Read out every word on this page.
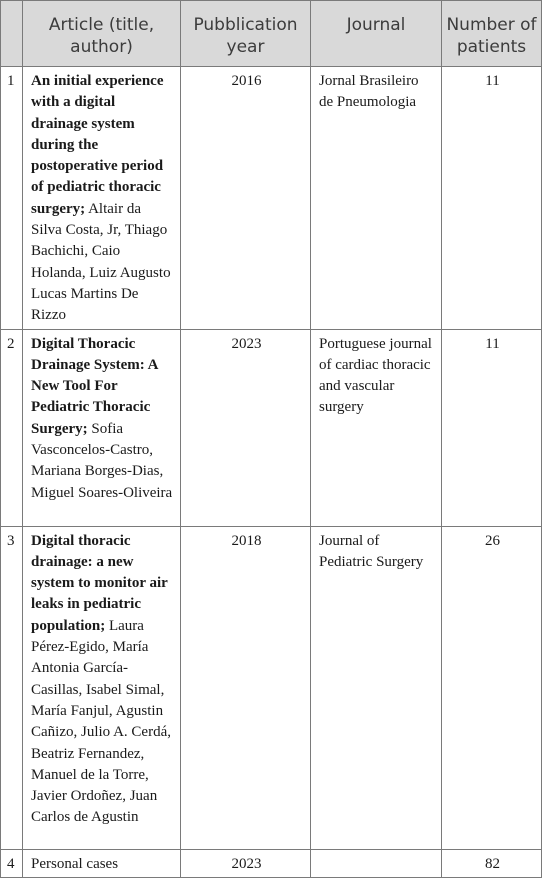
	Article (title, author)	Pubblication year	Journal	Number of patients
1	An initial experience with a digital drainage system during the postoperative period of pediatric thoracic surgery; Altair da Silva Costa, Jr, Thiago Bachichi, Caio Holanda, Luiz Augusto Lucas Martins De Rizzo	2016	Jornal Brasileiro de Pneumologia	11
2	Digital Thoracic Drainage System: A New Tool For Pediatric Thoracic Surgery; Sofia Vasconcelos-Castro, Mariana Borges-Dias, Miguel Soares-Oliveira	2023	Portuguese journal of cardiac thoracic and vascular surgery	11
3	Digital thoracic drainage: a new system to monitor air leaks in pediatric population; Laura Pérez-Egido, María Antonia García-Casillas, Isabel Simal, María Fanjul, Agustin Cañizo, Julio A. Cerdá, Beatriz Fernandez, Manuel de la Torre, Javier Ordoñez, Juan Carlos de Agustin	2018	Journal of Pediatric Surgery	26
4	Personal cases	2023		82
